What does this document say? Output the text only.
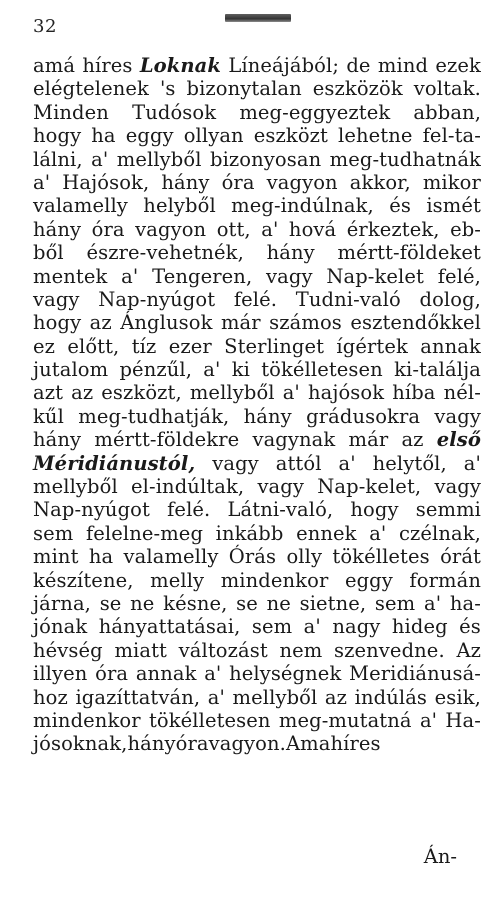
32
amá híres Loknak Líneájából; de mind ezek
elégtelenek 's bizonytalan eszközök voltak.
Minden Tudósok meg-eggyeztek abban,
hogy ha eggy ollyan eszközt lehetne fel-ta-
lálni, a' mellyből bizonyosan meg-tudhatnák
a' Hajósok, hány óra vagyon akkor, mikor
valamelly helyből meg-indúlnak, és ismét
hány óra vagyon ott, a' hová érkeztek, eb-
ből észre-vehetnék, hány mértt-földeket
mentek a' Tengeren, vagy Nap-kelet felé,
vagy Nap-nyúgot felé. Tudni-való dolog,
hogy az Ánglusok már számos esztendőkkel
ez előtt, tíz ezer Sterlinget ígértek annak
jutalom pénzűl, a' ki tökélletesen ki-találja
azt az eszközt, mellyből a' hajósok híba nél-
kűl meg-tudhatják, hány grádusokra vagy
hány mértt-földekre vagynak már az első
Méridiánustól, vagy attól a' helytől, a'
mellyből el-indúltak, vagy Nap-kelet, vagy
Nap-nyúgot felé. Látni-való, hogy semmi
sem felelne-meg inkább ennek a' czélnak,
mint ha valamelly Órás olly tökélletes órát
készítene, melly mindenkor eggy formán
járna, se ne késne, se ne sietne, sem a' ha-
jónak hányattatásai, sem a' nagy hideg és
hévség miatt változást nem szenvedne. Az
illyen óra annak a' helységnek Meridiánusá-
hoz igazíttatván, a' mellyből az indúlás esik,
mindenkor tökélletesen meg-mutatná a' Ha-
jósoknak, hány óra vagyon. Ama híres
Án-
